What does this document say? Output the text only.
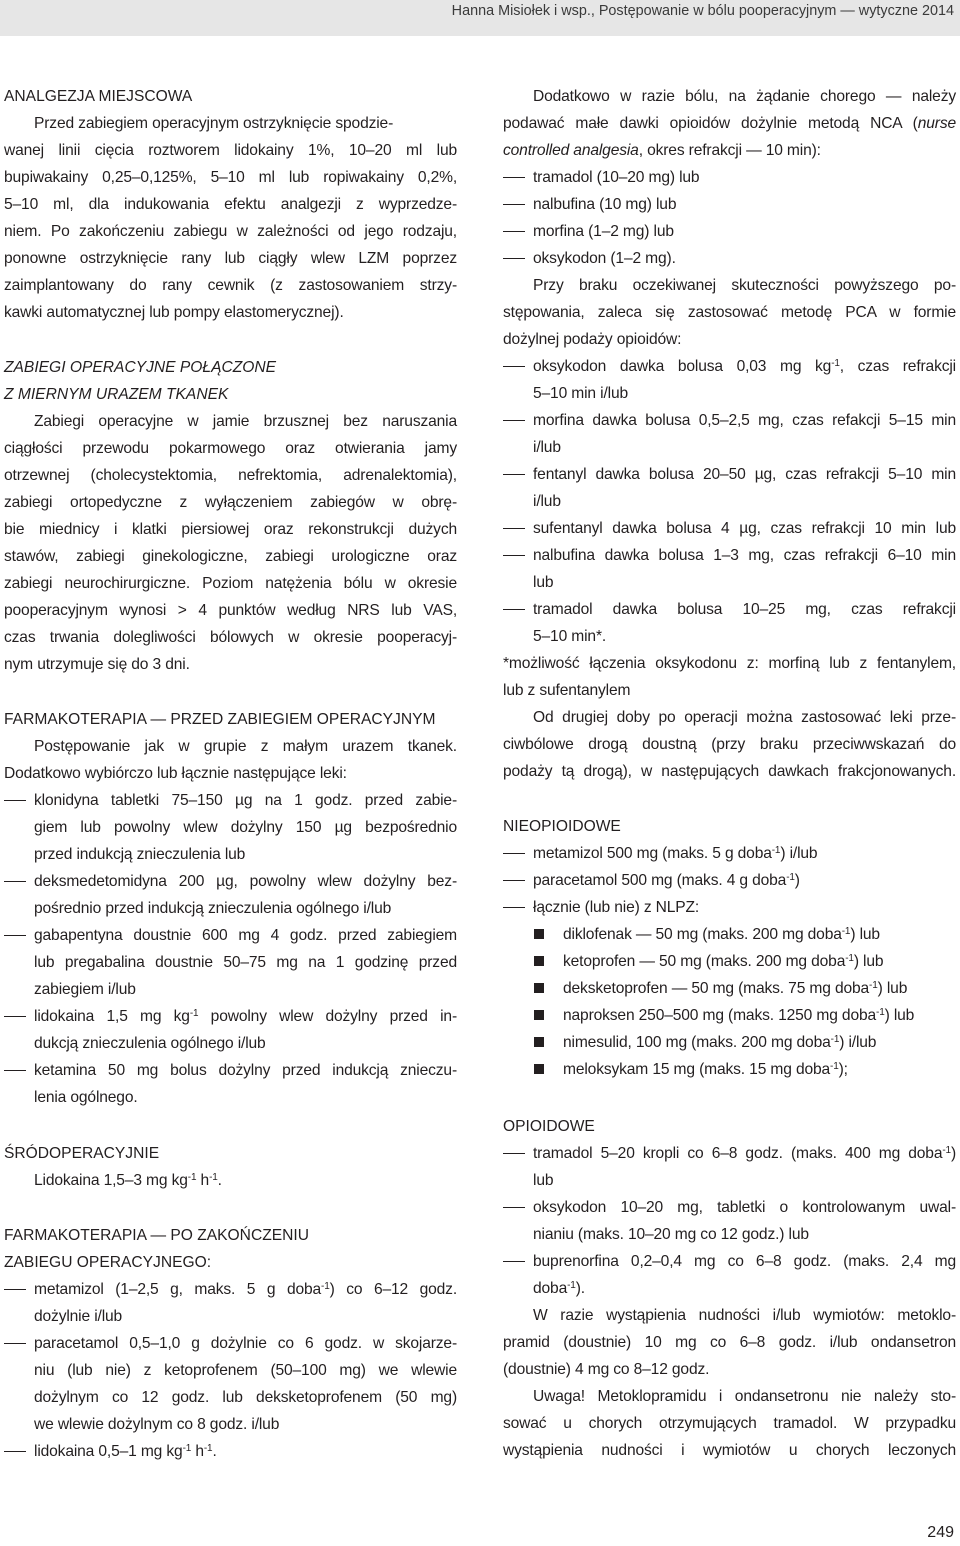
Hanna Misiołek i wsp., Postępowanie w bólu pooperacyjnym — wytyczne 2014
ANALGEZJA MIEJSCOWA
Przed zabiegiem operacyjnym ostrzyknięcie spodzie-
wanej linii cięcia roztworem lidokainy 1%, 10–20 ml lub
bupiwakainy 0,25–0,125%, 5–10 ml lub ropiwakainy 0,2%,
5–10 ml, dla indukowania efektu analgezji z wyprzedze-
niem. Po zakończeniu zabiegu w zależności od jego rodzaju,
ponowne ostrzyknięcie rany lub ciągły wlew LZM poprzez
zaimplantowany do rany cewnik (z zastosowaniem strzy-
kawki automatycznej lub pompy elastomerycznej).
ZABIEGI OPERACYJNE POŁĄCZONE
Z MIERNYM URAZEM TKANEK
Zabiegi operacyjne w jamie brzusznej bez naruszania
ciągłości przewodu pokarmowego oraz otwierania jamy
otrzewnej (cholecystektomia, nefrektomia, adrenalektomia),
zabiegi ortopedyczne z wyłączeniem zabiegów w obrę-
bie miednicy i klatki piersiowej oraz rekonstrukcji dużych
stawów, zabiegi ginekologiczne, zabiegi urologiczne oraz
zabiegi neurochirurgiczne. Poziom natężenia bólu w okresie
pooperacyjnym wynosi > 4 punktów według NRS lub VAS,
czas trwania dolegliwości bólowych w okresie pooperacyj-
nym utrzymuje się do 3 dni.
FARMAKOTERAPIA — PRZED ZABIEGIEM OPERACYJNYM
Postępowanie jak w grupie z małym urazem tkanek.
Dodatkowo wybiórczo lub łącznie następujące leki:
klonidyna tabletki 75–150 µg na 1 godz. przed zabie-
giem lub powolny wlew dożylny 150 µg bezpośrednio
przed indukcją znieczulenia lub
deksmedetomidyna 200 µg, powolny wlew dożylny bez-
pośrednio przed indukcją znieczulenia ogólnego i/lub
gabapentyna doustnie 600 mg 4 godz. przed zabiegiem
lub pregabalina doustnie 50–75 mg na 1 godzinę przed
zabiegiem i/lub
lidokaina 1,5 mg $kg^{-1}$ powolny wlew dożylny przed in-
dukcją znieczulenia ogólnego i/lub
ketamina 50 mg bolus dożylny przed indukcją znieczu-
lenia ogólnego.
ŚRÓDOPERACYJNIE
Lidokaina 1,5–3 mg $kg^{-1}$ $h^{-1}$.
FARMAKOTERAPIA — PO ZAKOŃCZENIU
ZABIEGU OPERACYJNEGO:
metamizol (1–2,5 g, maks. 5 g doba$^{-1}$) co 6–12 godz.
dożylnie i/lub
paracetamol 0,5–1,0 g dożylnie co 6 godz. w skojarze-
niu (lub nie) z ketoprofenem (50–100 mg) we wlewie
dożylnym co 12 godz. lub deksketoprofenem (50 mg)
we wlewie dożylnym co 8 godz. i/lub
lidokaina 0,5–1 mg $kg^{-1}$ $h^{-1}$.
Dodatkowo w razie bólu, na żądanie chorego — należy
podawać małe dawki opioidów dożylnie metodą NCA (nurse
controlled analgesia, okres refrakcji — 10 min):
tramadol (10–20 mg) lub
nalbufina (10 mg) lub
morfina (1–2 mg) lub
oksykodon (1–2 mg).
Przy braku oczekiwanej skuteczności powyższego po-
stępowania, zaleca się zastosować metodę PCA w formie
dożylnej podaży opioidów:
oksykodon dawka bolusa 0,03 mg $kg^{-1}$, czas refrakcji
5–10 min i/lub
morfina dawka bolusa 0,5–2,5 mg, czas refakcji 5–15 min
i/lub
fentanyl dawka bolusa 20–50 µg, czas refrakcji 5–10 min
i/lub
sufentanyl dawka bolusa 4 µg, czas refrakcji 10 min lub
nalbufina dawka bolusa 1–3 mg, czas refrakcji 6–10 min
lub
tramadol dawka bolusa 10–25 mg, czas refrakcji
5–10 min*.
*możliwość łączenia oksykodonu z: morfiną lub z fentanylem,
lub z sufentanylem
Od drugiej doby po operacji można zastosować leki prze-
ciwbólowe drogą doustną (przy braku przeciwwskazań do
podaży tą drogą), w następujących dawkach frakcjonowanych.
NIEOPIOIDOWE
metamizol 500 mg (maks. 5 g doba$^{-1}$) i/lub
paracetamol 500 mg (maks. 4 g doba$^{-1}$)
łącznie (lub nie) z NLPZ:
diklofenak — 50 mg (maks. 200 mg doba$^{-1}$) lub
ketoprofen — 50 mg (maks. 200 mg doba$^{-1}$) lub
deksketoprofen — 50 mg (maks. 75 mg doba$^{-1}$) lub
naproksen 250–500 mg (maks. 1250 mg doba$^{-1}$) lub
nimesulid, 100 mg (maks. 200 mg doba$^{-1}$) i/lub
meloksykam 15 mg (maks. 15 mg doba$^{-1}$);
OPIOIDOWE
tramadol 5–20 kropli co 6–8 godz. (maks. 400 mg doba$^{-1}$)
lub
oksykodon 10–20 mg, tabletki o kontrolowanym uwal-
nianiu (maks. 10–20 mg co 12 godz.) lub
buprenorfina 0,2–0,4 mg co 6–8 godz. (maks. 2,4 mg
doba$^{-1}$).
W razie wystąpienia nudności i/lub wymiotów: metoklo-
pramid (doustnie) 10 mg co 6–8 godz. i/lub ondansetron
(doustnie) 4 mg co 8–12 godz.
Uwaga! Metoklopramidu i ondansetronu nie należy sto-
sować u chorych otrzymujących tramadol. W przypadku
wystąpienia nudności i wymiotów u chorych leczonych
249
